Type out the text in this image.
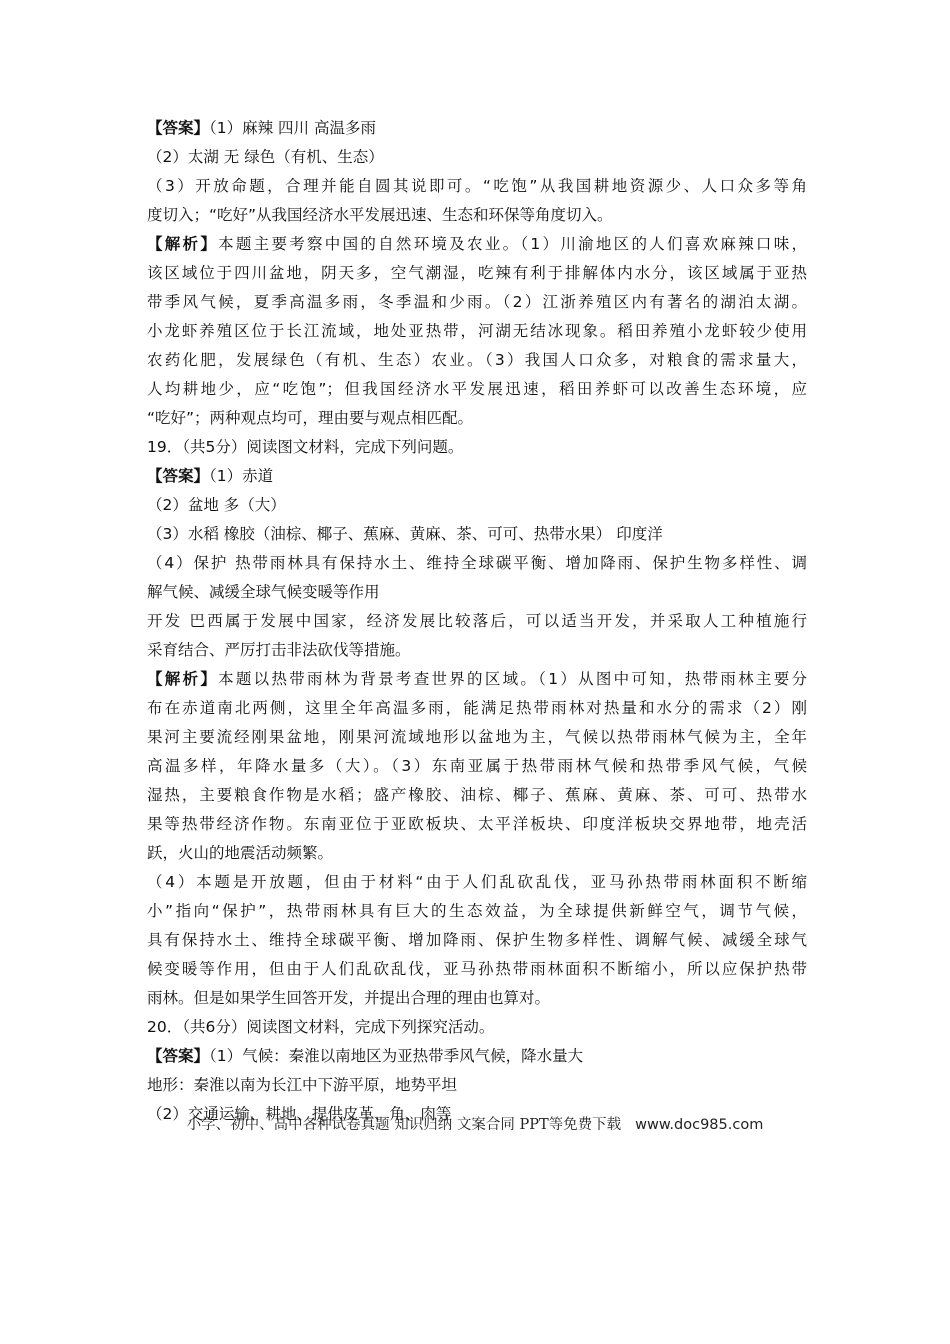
【答案】（1）麻辣 四川 高温多雨
（2）太湖 无 绿色（有机、生态）
（3）开放命题，合理并能自圆其说即可。“吃饱”从我国耕地资源少、人口众多等角
度切入；“吃好”从我国经济水平发展迅速、生态和环保等角度切入。
【解析】本题主要考察中国的自然环境及农业。（1）川渝地区的人们喜欢麻辣口味，
该区域位于四川盆地，阴天多，空气潮湿，吃辣有利于排解体内水分，该区域属于亚热
带季风气候，夏季高温多雨，冬季温和少雨。（2）江浙养殖区内有著名的湖泊太湖。
小龙虾养殖区位于长江流域，地处亚热带，河湖无结冰现象。稻田养殖小龙虾较少使用
农药化肥，发展绿色（有机、生态）农业。（3）我国人口众多，对粮食的需求量大，
人均耕地少，应“吃饱”；但我国经济水平发展迅速，稻田养虾可以改善生态环境，应
“吃好”；两种观点均可，理由要与观点相匹配。
19．（共5分）阅读图文材料，完成下列问题。
【答案】（1）赤道
（2）盆地 多（大）
（3）水稻 橡胶（油棕、椰子、蕉麻、黄麻、茶、可可、热带水果） 印度洋
（4）保护 热带雨林具有保持水土、维持全球碳平衡、增加降雨、保护生物多样性、调
解气候、减缓全球气候变暖等作用
开发 巴西属于发展中国家，经济发展比较落后，可以适当开发，并采取人工种植施行
采育结合、严厉打击非法砍伐等措施。
【解析】本题以热带雨林为背景考查世界的区域。（1）从图中可知，热带雨林主要分
布在赤道南北两侧，这里全年高温多雨，能满足热带雨林对热量和水分的需求（2）刚
果河主要流经刚果盆地，刚果河流域地形以盆地为主，气候以热带雨林气候为主，全年
高温多样，年降水量多（大）。（3）东南亚属于热带雨林气候和热带季风气候，气候
湿热，主要粮食作物是水稻；盛产橡胶、油棕、椰子、蕉麻、黄麻、茶、可可、热带水
果等热带经济作物。东南亚位于亚欧板块、太平洋板块、印度洋板块交界地带，地壳活
跃，火山的地震活动频繁。
（4）本题是开放题，但由于材料“由于人们乱砍乱伐，亚马孙热带雨林面积不断缩
小”指向“保护”，热带雨林具有巨大的生态效益，为全球提供新鲜空气，调节气候，
具有保持水土、维持全球碳平衡、增加降雨、保护生物多样性、调解气候、减缓全球气
候变暖等作用，但由于人们乱砍乱伐，亚马孙热带雨林面积不断缩小，所以应保护热带
雨林。但是如果学生回答开发，并提出合理的理由也算对。
20．（共6分）阅读图文材料，完成下列探究活动。
【答案】（1）气候：秦淮以南地区为亚热带季风气候，降水量大
地形：秦淮以南为长江中下游平原，地势平坦
（2）交通运输、耕地、提供皮革、角、肉等
小学、初中、高中各种试卷真题 知识归纳 文案合同 PPT等免费下载 www.doc985.com
